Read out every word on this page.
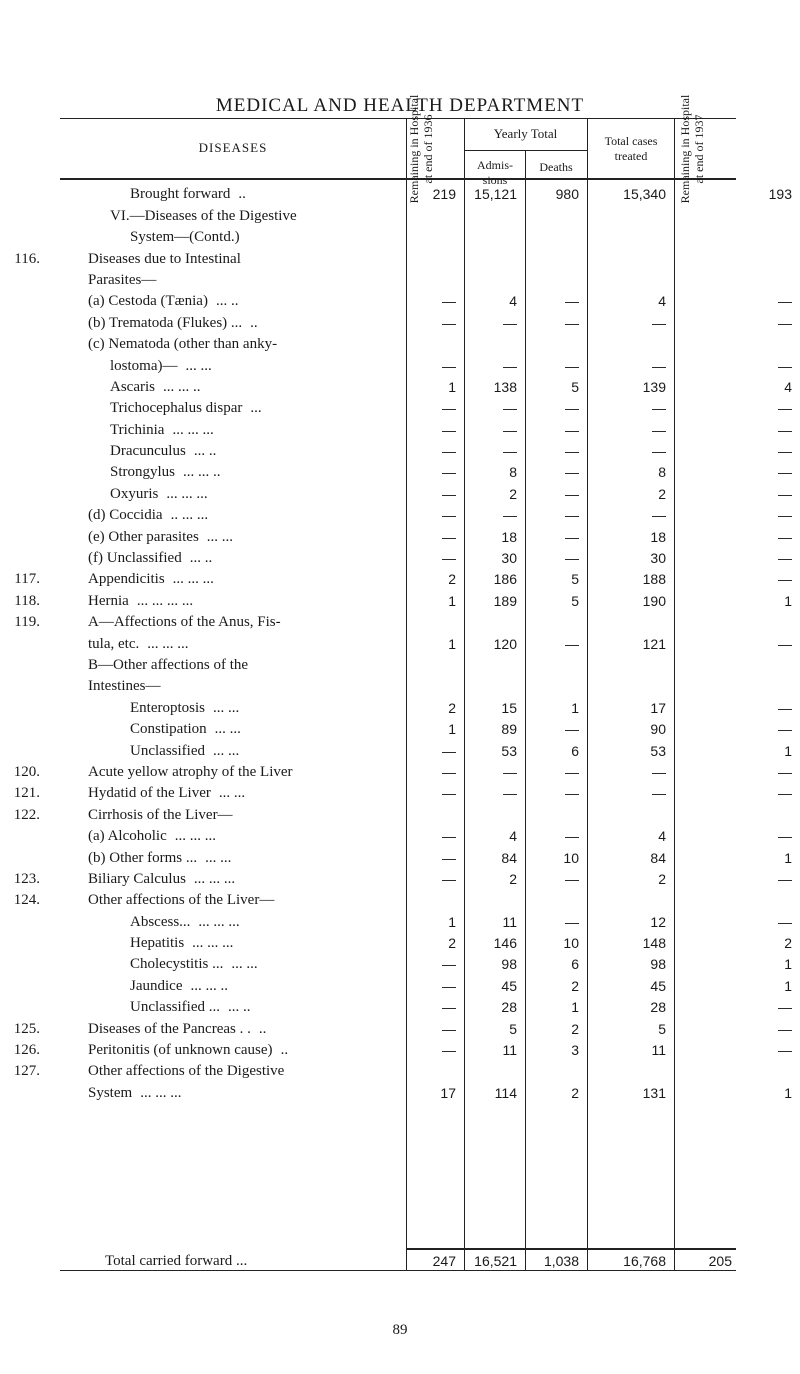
MEDICAL AND HEALTH DEPARTMENT
DISEASES	Remaining in Hospital at end of 1936	Yearly Total
Admis- sions
Deaths
Total cases treated	Remaining in Hospital at end of 1937
Brought forward ..	219	15,121	980	15,340	193
VI.—Diseases of the Digestive					
System—(Contd.)					
116. Diseases due to Intestinal					
Parasites—					
(a) Cestoda (Tænia) ... ..	—	4	—	4	—
(b) Trematoda (Flukes) ... ..	—	—	—	—	—
(c) Nematoda (other than anky-					
lostoma)— ... ...	—	—	—	—	—
Ascaris ... ... ..	1	138	5	139	4
Trichocephalus dispar ...	—	—	—	—	—
Trichinia ... ... ...	—	—	—	—	—
Dracunculus ... ..	—	—	—	—	—
Strongylus ... ... ..	—	8	—	8	—
Oxyuris ... ... ...	—	2	—	2	—
(d) Coccidia .. ... ...	—	—	—	—	—
(e) Other parasites ... ...	—	18	—	18	—
(f) Unclassified ... ..	—	30	—	30	—
117. Appendicitis ... ... ...	2	186	5	188	—
118. Hernia ... ... ... ...	1	189	5	190	1
119. A—Affections of the Anus, Fis-					
tula, etc. ... ... ...	1	120	—	121	—
B—Other affections of the					
Intestines—					
Enteroptosis ... ...	2	15	1	17	—
Constipation ... ...	1	89	—	90	—
Unclassified ... ...	—	53	6	53	1
120. Acute yellow atrophy of the Liver	—	—	—	—	—
121. Hydatid of the Liver ... ...	—	—	—	—	—
122. Cirrhosis of the Liver—					
(a) Alcoholic ... ... ...	—	4	—	4	—
(b) Other forms ... ... ...	—	84	10	84	1
123. Biliary Calculus ... ... ...	—	2	—	2	—
124. Other affections of the Liver—					
Abscess... ... ... ...	1	11	—	12	—
Hepatitis ... ... ...	2	146	10	148	2
Cholecystitis ... ... ...	—	98	6	98	1
Jaundice ... ... ..	—	45	2	45	1
Unclassified ... ... ..	—	28	1	28	—
125. Diseases of the Pancreas . . ..	—	5	2	5	—
126. Peritonitis (of unknown cause) ..	—	11	3	11	—
127. Other affections of the Digestive					
System ... ... ...	17	114	2	131	1
Total carried forward ...	247	16,521	1,038	16,768	205
89
